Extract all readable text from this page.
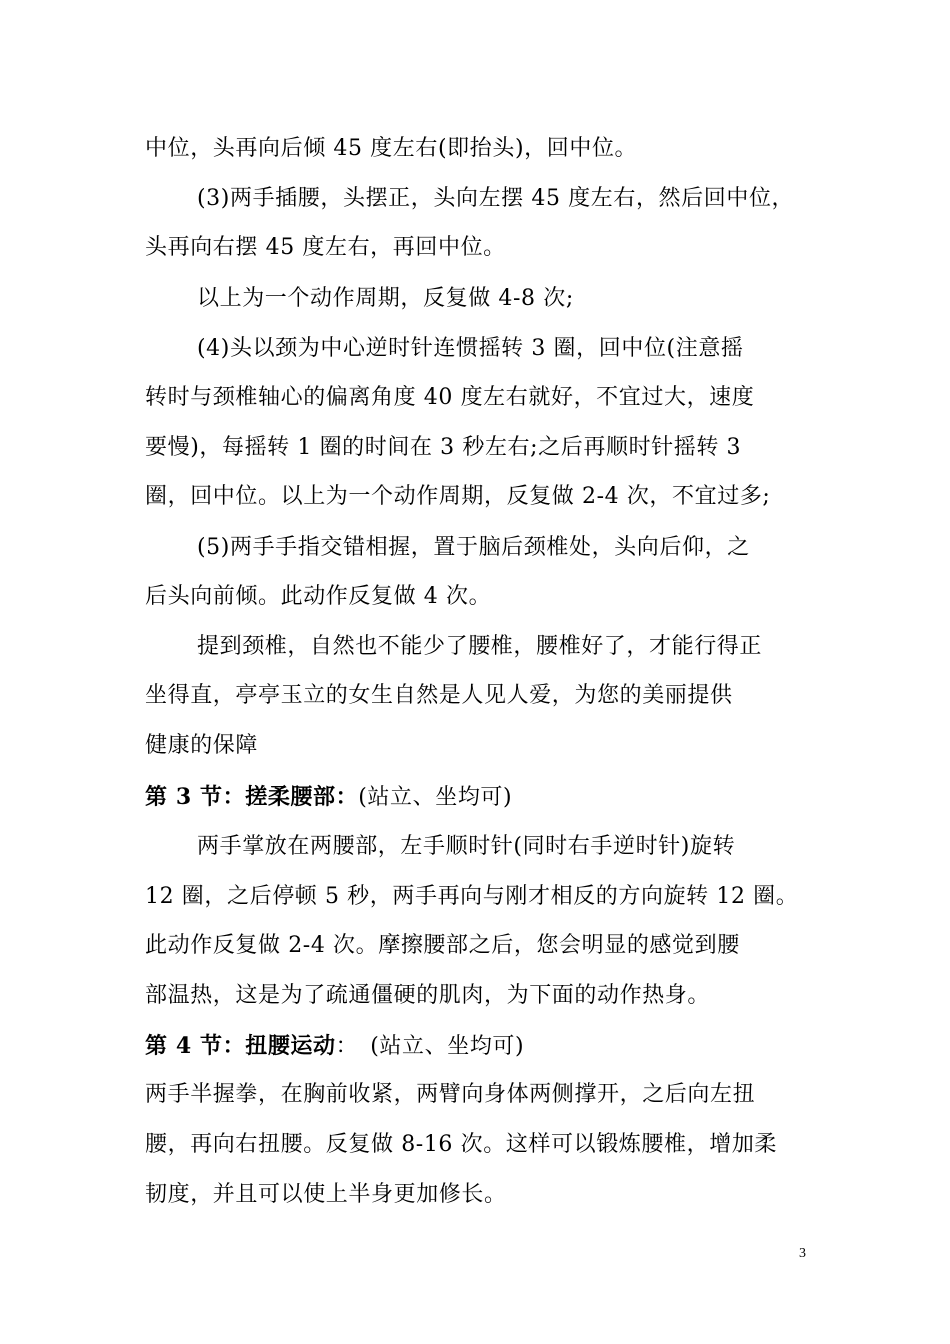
中位，头再向后倾 45 度左右(即抬头)，回中位。
(3)两手插腰，头摆正，头向左摆 45 度左右，然后回中位，
头再向右摆 45 度左右，再回中位。
以上为一个动作周期，反复做 4-8 次;
(4)头以颈为中心逆时针连惯摇转 3 圈，回中位(注意摇
转时与颈椎轴心的偏离角度 40 度左右就好，不宜过大，速度
要慢)，每摇转 1 圈的时间在 3 秒左右;之后再顺时针摇转 3
圈，回中位。以上为一个动作周期，反复做 2-4 次，不宜过多;
(5)两手手指交错相握，置于脑后颈椎处，头向后仰，之
后头向前倾。此动作反复做 4 次。
提到颈椎，自然也不能少了腰椎，腰椎好了，才能行得正
坐得直，亭亭玉立的女生自然是人见人爱，为您的美丽提供
健康的保障
第 3 节：搓柔腰部：(站立、坐均可)
两手掌放在两腰部，左手顺时针(同时右手逆时针)旋转
12 圈，之后停顿 5 秒，两手再向与刚才相反的方向旋转 12 圈。
此动作反复做 2-4 次。摩擦腰部之后，您会明显的感觉到腰
部温热，这是为了疏通僵硬的肌肉，为下面的动作热身。
第 4 节：扭腰运动： (站立、坐均可)
两手半握拳，在胸前收紧，两臂向身体两侧撑开，之后向左扭
腰，再向右扭腰。反复做 8-16 次。这样可以锻炼腰椎，增加柔
韧度，并且可以使上半身更加修长。
3
